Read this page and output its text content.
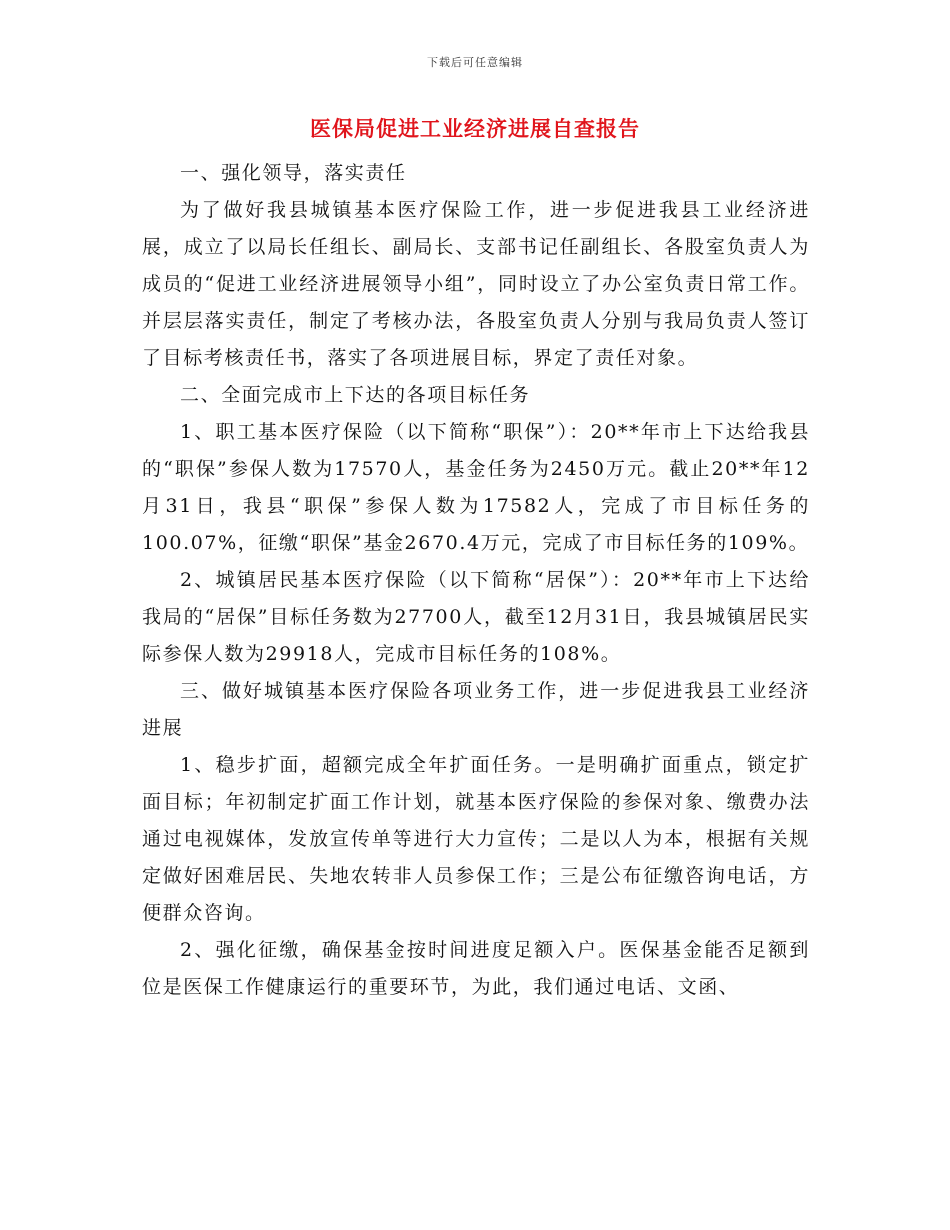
下载后可任意编辑
医保局促进工业经济进展自查报告

一、强化领导，落实责任

为了做好我县城镇基本医疗保险工作，进一步促进我县工业经济进展，成立了以局长任组长、副局长、支部书记任副组长、各股室负责人为成员的“促进工业经济进展领导小组”，同时设立了办公室负责日常工作。并层层落实责任，制定了考核办法，各股室负责人分别与我局负责人签订了目标考核责任书，落实了各项进展目标，界定了责任对象。

二、全面完成市上下达的各项目标任务

1、职工基本医疗保险（以下简称“职保”）：20**年市上下达给我县的“职保”参保人数为17570人，基金任务为2450万元。截止20**年12月31日，我县“职保”参保人数为17582人，完成了市目标任务的100.07%，征缴“职保”基金2670.4万元，完成了市目标任务的109%。

2、城镇居民基本医疗保险（以下简称“居保”）：20**年市上下达给我局的“居保”目标任务数为27700人，截至12月31日，我县城镇居民实际参保人数为29918人，完成市目标任务的108%。

三、做好城镇基本医疗保险各项业务工作，进一步促进我县工业经济进展

1、稳步扩面，超额完成全年扩面任务。一是明确扩面重点，锁定扩面目标；年初制定扩面工作计划，就基本医疗保险的参保对象、缴费办法通过电视媒体，发放宣传单等进行大力宣传；二是以人为本，根据有关规定做好困难居民、失地农转非人员参保工作；三是公布征缴咨询电话，方便群众咨询。

2、强化征缴，确保基金按时间进度足额入户。医保基金能否足额到位是医保工作健康运行的重要环节，为此，我们通过电话、文函、
